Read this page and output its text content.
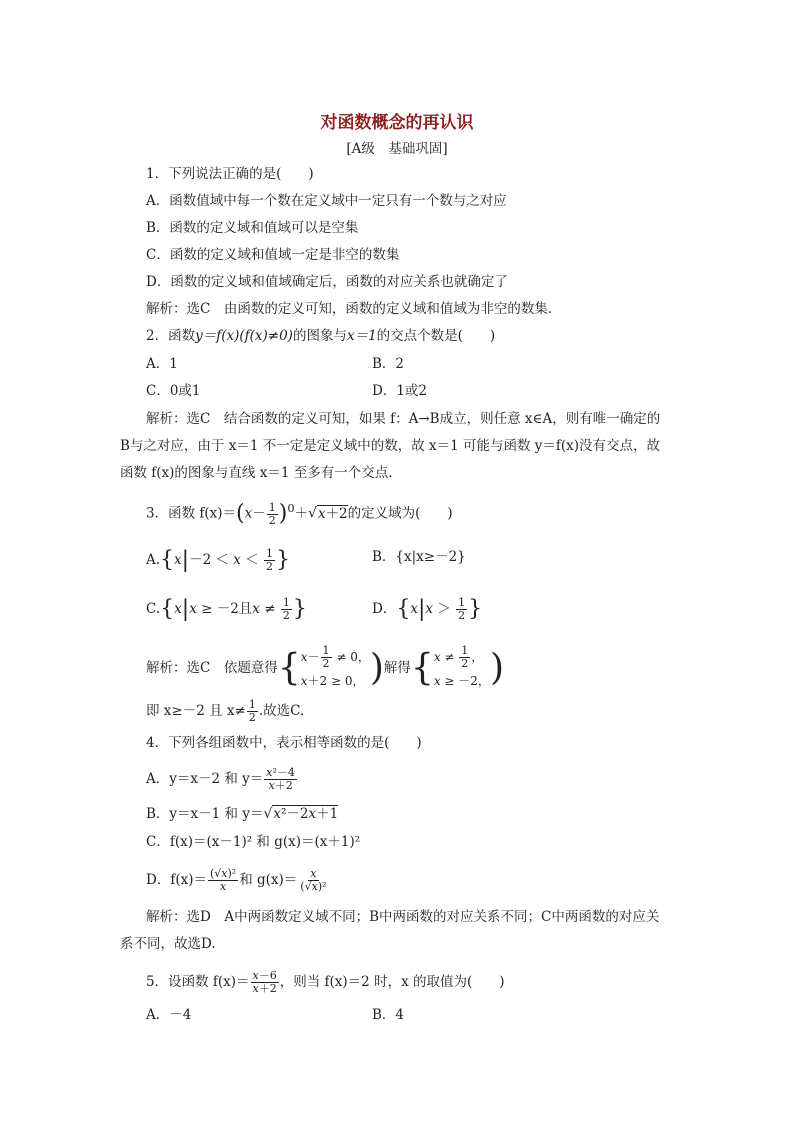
对函数概念的再认识
[A级　基础巩固]
1．下列说法正确的是(　　)
A．函数值域中每一个数在定义域中一定只有一个数与之对应
B．函数的定义域和值域可以是空集
C．函数的定义域和值域一定是非空的数集
D．函数的定义域和值域确定后，函数的对应关系也就确定了
解析：选C　由函数的定义可知，函数的定义域和值域为非空的数集.
2．函数y＝f(x)(f(x)≠0)的图象与x＝1的交点个数是(　　)
A．1	B．2
C．0或1	D．1或2
解析：选C　结合函数的定义可知，如果 f：A→B成立，则任意 x∈A，则有唯一确定的
B与之对应，由于 x＝1 不一定是定义域中的数，故 x＝1 可能与函数 y＝f(x)没有交点，故
函数 f(x)的图象与直线 x＝1 至多有一个交点.
3．函数 $f(x)=(x- \frac{1}{2} )^0+√x+2$的定义域为(　　)
$A.\{x|-2 < x < \frac{1}{2}$ }	B．{x|x≥－2}
C.{x|x ≥ －2且$x \ne \frac{1}{2}$ }	D．{$x|x > \frac{1}{2}$ }
解析：选C　依题意得{ $x- \frac{1}{2} \ne 0$，
x＋2 ≥ 0， )解得{ $x \ne \frac{1}{2}$ ，
x ≥ －2， )
即 x≥－2 且 $x\ne \frac{1}{2}$ .故选C.
4．下列各组函数中，表示相等函数的是(　　)
A．y＝x－2 和 $y= \frac{\text{x²－4}}{x+2}$
B．y＝x－1 和 y＝√x²－2x＋1
C．f(x)＝(x－1)² 和 g(x)＝(x＋1)²
D．$f(x)= \frac{\text{(√x)²}}{x}$ 和 $g(x)= \frac{x}{\text{(√x)²}}$
解析：选D　A中两函数定义域不同；B中两函数的对应关系不同；C中两函数的对应关
系不同，故选D.
5．设函数 $f(x)= \frac{x-6}{x+2}$ ，则当 f(x)＝2 时，x 的取值为(　　)
A．－4	B．4
